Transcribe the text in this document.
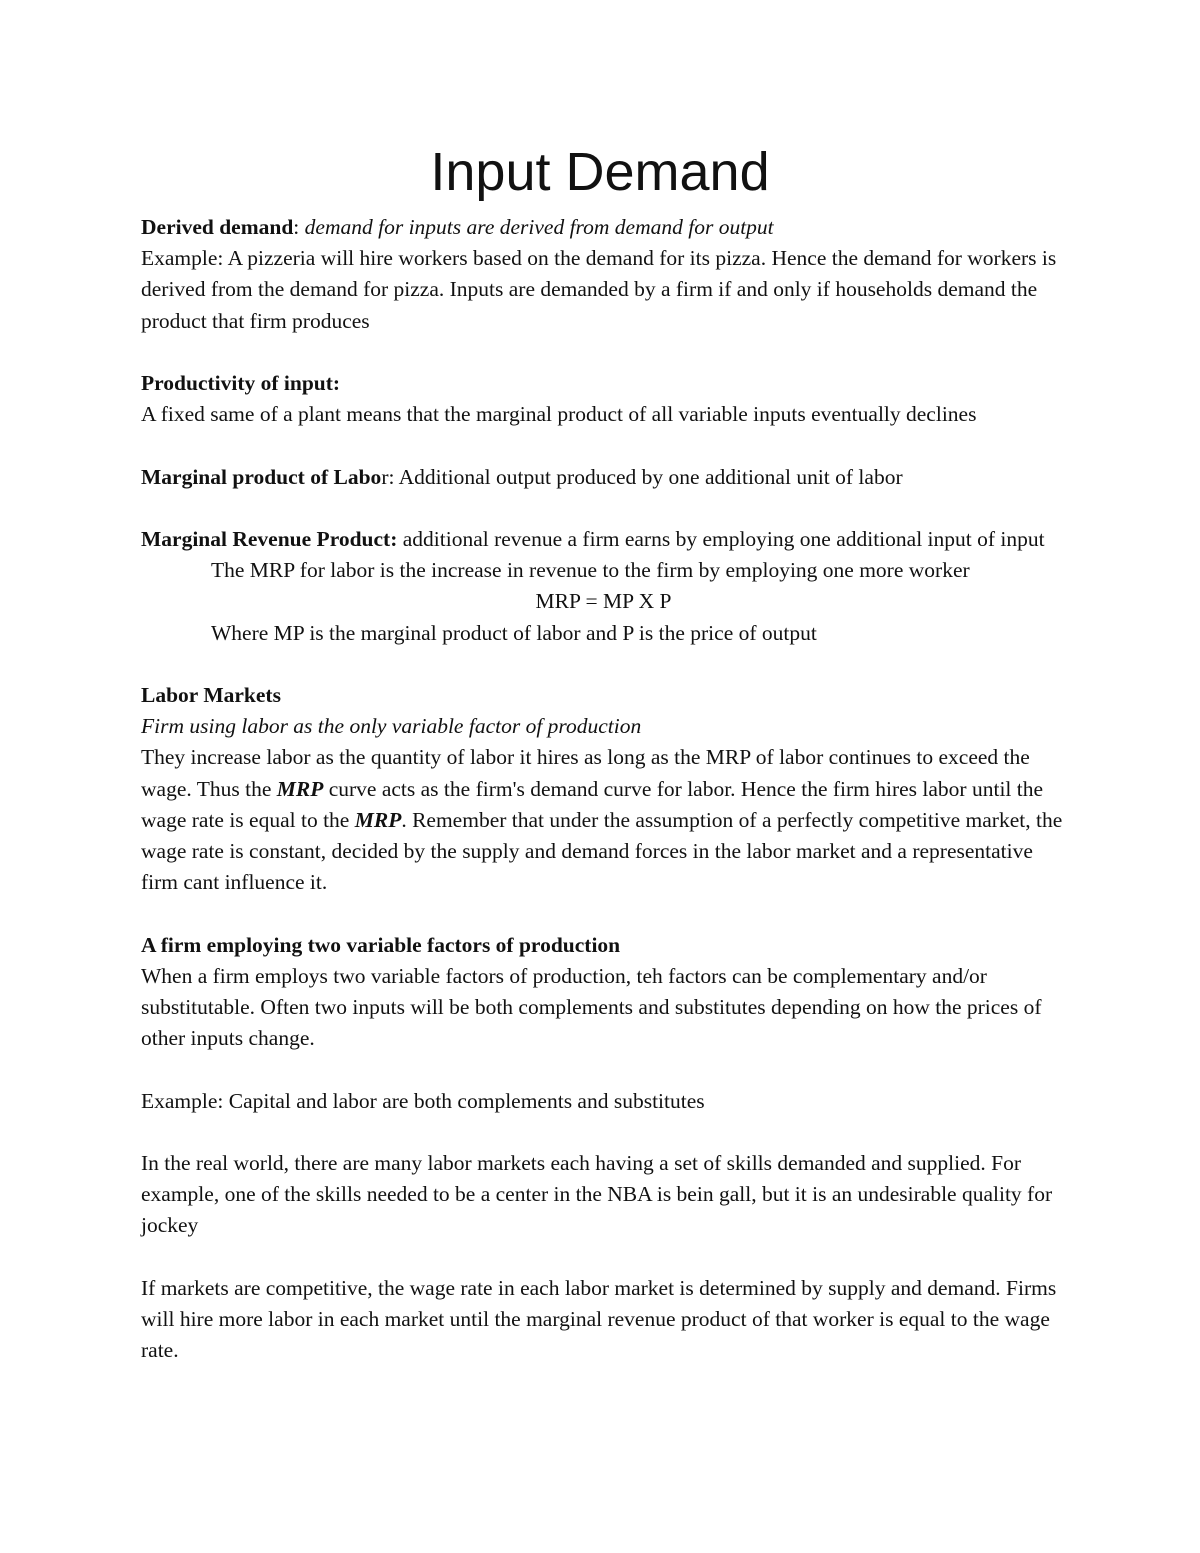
Input Demand

Derived demand: demand for inputs are derived from demand for output

Example: A pizzeria will hire workers based on the demand for its pizza. Hence the demand for workers is derived from the demand for pizza. Inputs are demanded by a firm if and only if households demand the product that firm produces

Productivity of input:

A fixed same of a plant means that the marginal product of all variable inputs eventually declines

Marginal product of Labor: Additional output produced by one additional unit of labor

Marginal Revenue Product: additional revenue a firm earns by employing one additional input of input

The MRP for labor is the increase in revenue to the firm by employing one more worker

MRP = MP X P

Where MP is the marginal product of labor and P is the price of output

Labor Markets

Firm using labor as the only variable factor of production

They increase labor as the quantity of labor it hires as long as the MRP of labor continues to exceed the wage. Thus the MRP curve acts as the firm's demand curve for labor. Hence the firm hires labor until the wage rate is equal to the MRP. Remember that under the assumption of a perfectly competitive market, the wage rate is constant, decided by the supply and demand forces in the labor market and a representative firm cant influence it.

A firm employing two variable factors of production

When a firm employs two variable factors of production, teh factors can be complementary and/or substitutable. Often two inputs will be both complements and substitutes depending on how the prices of other inputs change.

Example: Capital and labor are both complements and substitutes

In the real world, there are many labor markets each having a set of skills demanded and supplied. For example, one of the skills needed to be a center in the NBA is bein gall, but it is an undesirable quality for jockey

If markets are competitive, the wage rate in each labor market is determined by supply and demand. Firms will hire more labor in each market until the marginal revenue product of that worker is equal to the wage rate.
